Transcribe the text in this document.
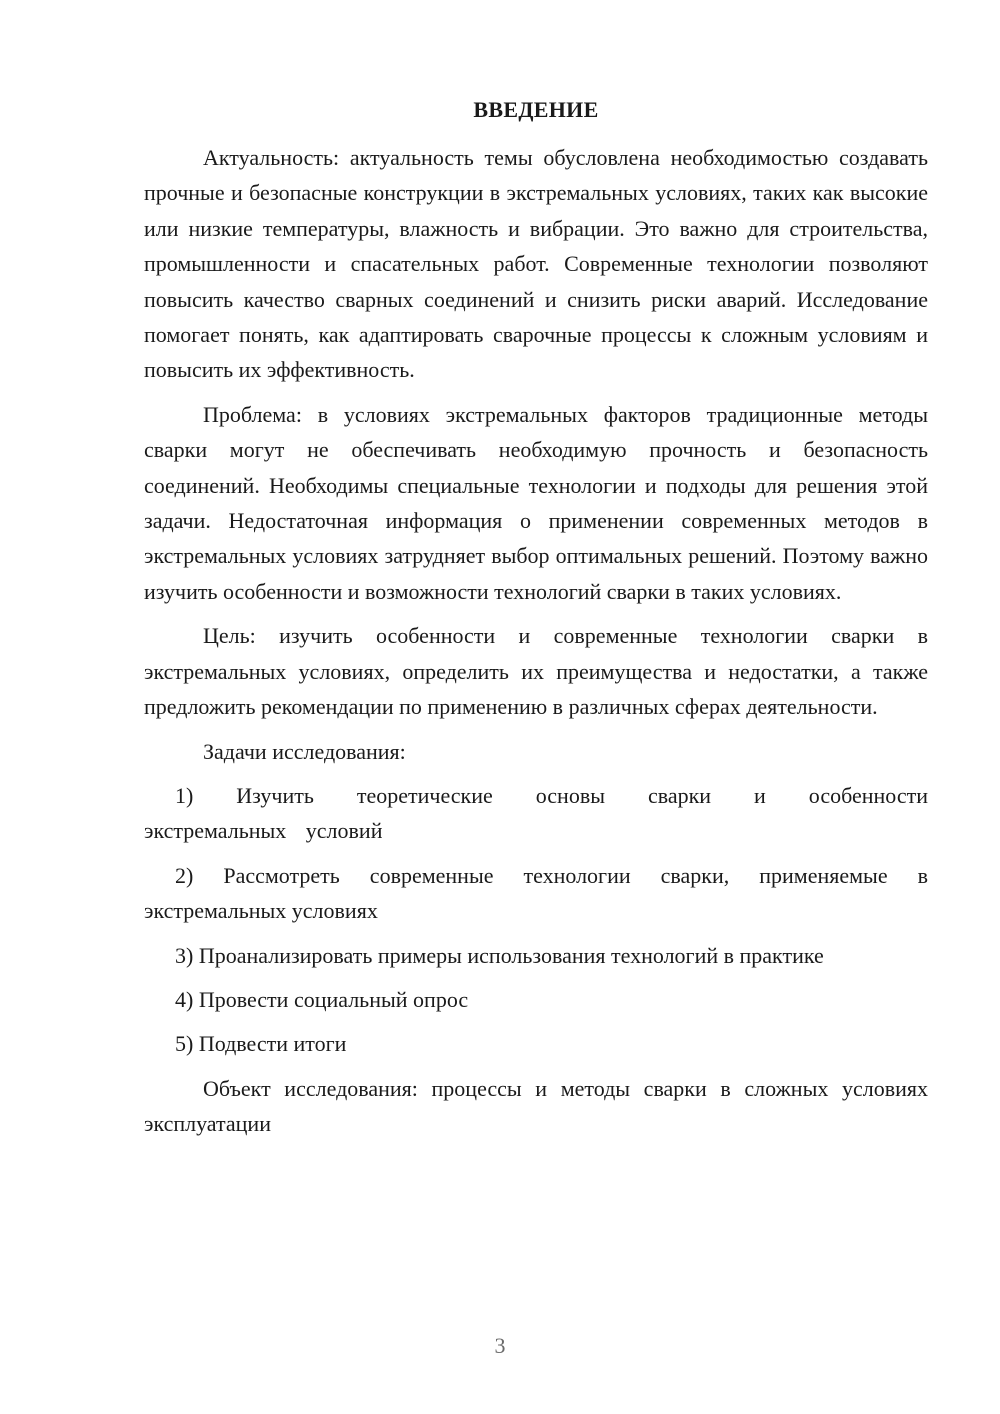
ВВЕДЕНИЕ

Актуальность: актуальность темы обусловлена необходимостью создавать прочные и безопасные конструкции в экстремальных условиях, таких как высокие или низкие температуры, влажность и вибрации. Это важно для строительства, промышленности и спасательных работ. Современные технологии позволяют повысить качество сварных соединений и снизить риски аварий. Исследование помогает понять, как адаптировать сварочные процессы к сложным условиям и повысить их эффективность.

Проблема: в условиях экстремальных факторов традиционные методы сварки могут не обеспечивать необходимую прочность и безопасность соединений. Необходимы специальные технологии и подходы для решения этой задачи. Недостаточная информация о применении современных методов в экстремальных условиях затрудняет выбор оптимальных решений. Поэтому важно изучить особенности и возможности технологий сварки в таких условиях.

Цель: изучить особенности и современные технологии сварки в экстремальных условиях, определить их преимущества и недостатки, а также предложить рекомендации по применению в различных сферах деятельности.

Задачи исследования:

1) Изучить теоретические основы сварки и особенности экстремальных условий

2) Рассмотреть современные технологии сварки, применяемые в экстремальных условиях

3) Проанализировать примеры использования технологий в практике

4) Провести социальный опрос

5) Подвести итоги

Объект исследования: процессы и методы сварки в сложных условиях эксплуатации

3
